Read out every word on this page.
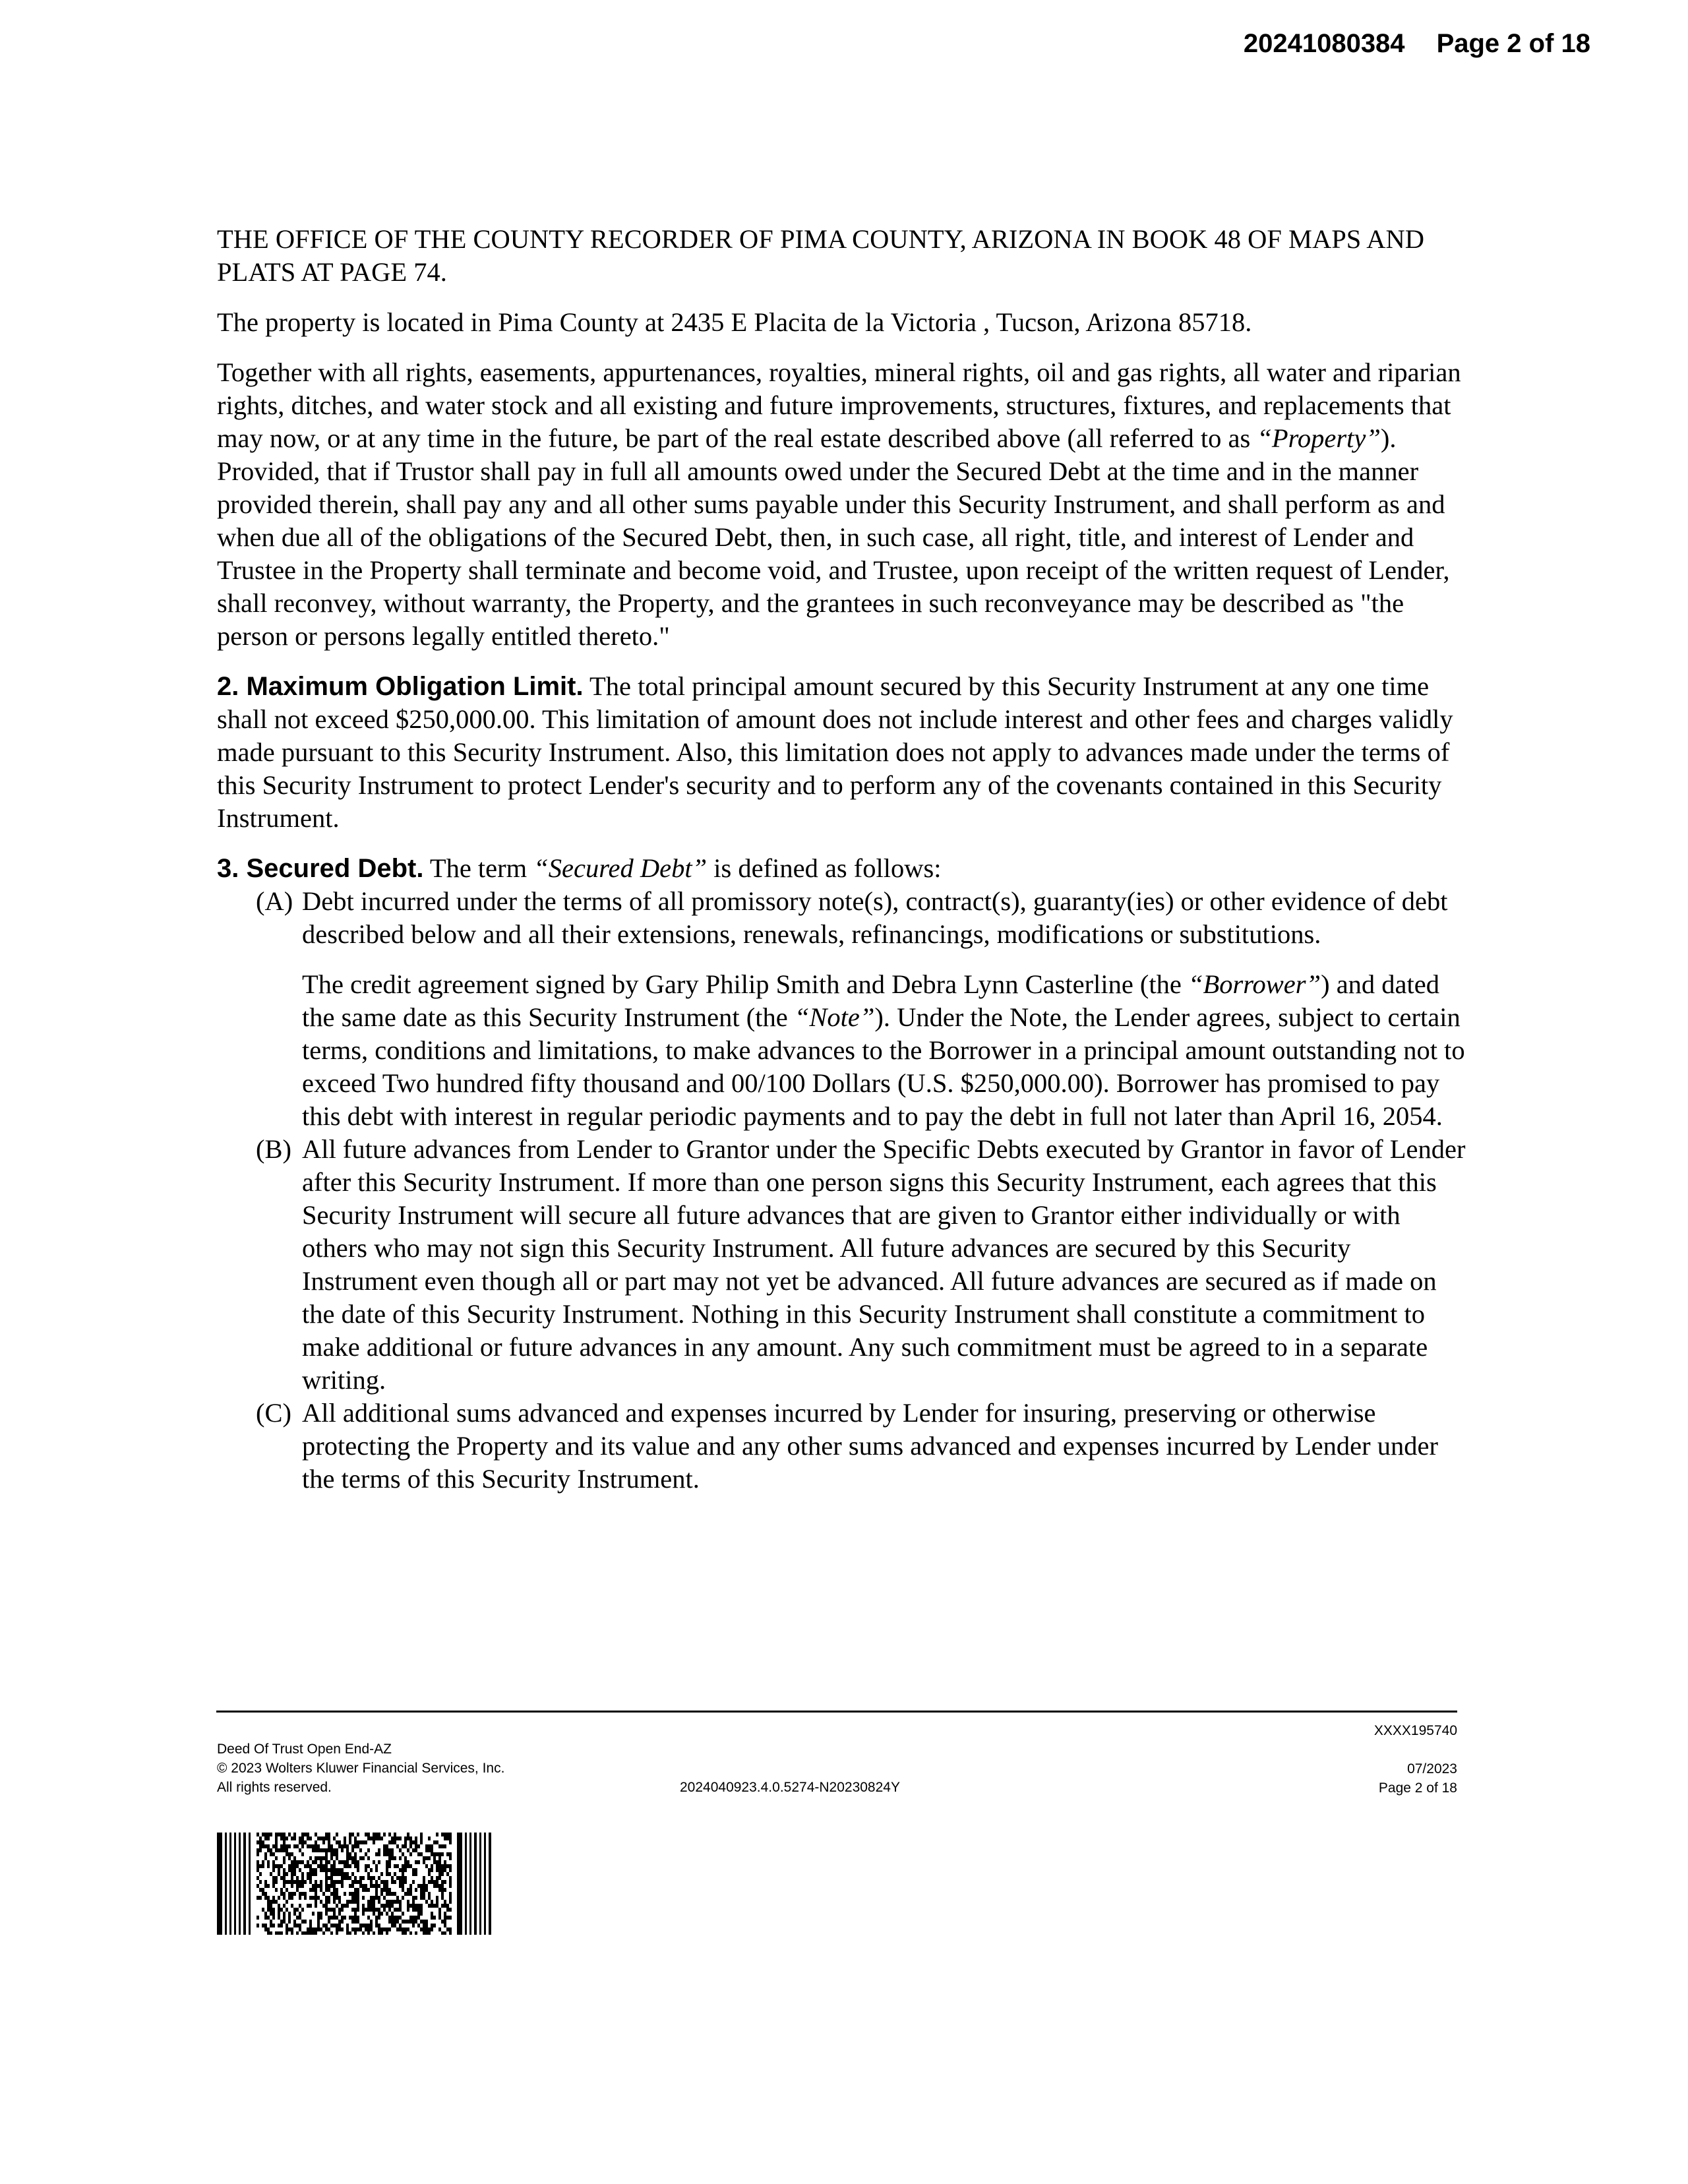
20241080384 Page 2 of 18

THE OFFICE OF THE COUNTY RECORDER OF PIMA COUNTY, ARIZONA IN BOOK 48 OF MAPS AND PLATS AT PAGE 74.

The property is located in Pima County at 2435 E Placita de la Victoria , Tucson, Arizona 85718.

Together with all rights, easements, appurtenances, royalties, mineral rights, oil and gas rights, all water and riparian rights, ditches, and water stock and all existing and future improvements, structures, fixtures, and replacements that may now, or at any time in the future, be part of the real estate described above (all referred to as “Property”). Provided, that if Trustor shall pay in full all amounts owed under the Secured Debt at the time and in the manner provided therein, shall pay any and all other sums payable under this Security Instrument, and shall perform as and when due all of the obligations of the Secured Debt, then, in such case, all right, title, and interest of Lender and Trustee in the Property shall terminate and become void, and Trustee, upon receipt of the written request of Lender, shall reconvey, without warranty, the Property, and the grantees in such reconveyance may be described as "the person or persons legally entitled thereto."

2. Maximum Obligation Limit. The total principal amount secured by this Security Instrument at any one time shall not exceed $250,000.00. This limitation of amount does not include interest and other fees and charges validly made pursuant to this Security Instrument. Also, this limitation does not apply to advances made under the terms of this Security Instrument to protect Lender's security and to perform any of the covenants contained in this Security Instrument.

3. Secured Debt. The term “Secured Debt” is defined as follows:

(A) Debt incurred under the terms of all promissory note(s), contract(s), guaranty(ies) or other evidence of debt described below and all their extensions, renewals, refinancings, modifications or substitutions.

The credit agreement signed by Gary Philip Smith and Debra Lynn Casterline (the “Borrower”) and dated the same date as this Security Instrument (the “Note”). Under the Note, the Lender agrees, subject to certain terms, conditions and limitations, to make advances to the Borrower in a principal amount outstanding not to exceed Two hundred fifty thousand and 00/100 Dollars (U.S. $250,000.00). Borrower has promised to pay this debt with interest in regular periodic payments and to pay the debt in full not later than April 16, 2054.

(B) All future advances from Lender to Grantor under the Specific Debts executed by Grantor in favor of Lender after this Security Instrument. If more than one person signs this Security Instrument, each agrees that this Security Instrument will secure all future advances that are given to Grantor either individually or with others who may not sign this Security Instrument. All future advances are secured by this Security Instrument even though all or part may not yet be advanced. All future advances are secured as if made on the date of this Security Instrument. Nothing in this Security Instrument shall constitute a commitment to make additional or future advances in any amount. Any such commitment must be agreed to in a separate writing.
(C) All additional sums advanced and expenses incurred by Lender for insuring, preserving or otherwise protecting the Property and its value and any other sums advanced and expenses incurred by Lender under the terms of this Security Instrument.
Deed Of Trust Open End-AZ
© 2023 Wolters Kluwer Financial Services, Inc.
All rights reserved.	2024040923.4.0.5274-N20230824Y
XXXX195740
07/2023
Page 2 of 18
